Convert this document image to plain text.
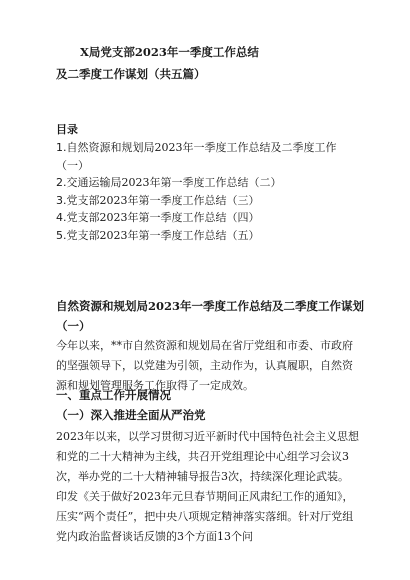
X局党支部2023年一季度工作总结
及二季度工作谋划（共五篇）
目录
1.自然资源和规划局2023年一季度工作总结及二季度工作（一）
2.交通运输局2023年第一季度工作总结（二）
3.党支部2023年第一季度工作总结（三）
4.党支部2023年第一季度工作总结（四）
5.党支部2023年第一季度工作总结（五）
自然资源和规划局2023年一季度工作总结及二季度工作谋划（一）

今年以来，**市自然资源和规划局在省厅党组和市委、市政府的坚强领导下，以党建为引领，主动作为，认真履职，自然资源和规划管理服务工作取得了一定成效。

一、重点工作开展情况
（一）深入推进全面从严治党

2023年以来，以学习贯彻习近平新时代中国特色社会主义思想和党的二十大精神为主线，共召开党组理论中心组学习会议3次，举办党的二十大精神辅导报告3次，持续深化理论武装。印发《关于做好2023年元旦春节期间正风肃纪工作的通知》，压实“两个责任”，把中央八项规定精神落实落细。针对厅党组党内政治监督谈话反馈的3个方面13个问
